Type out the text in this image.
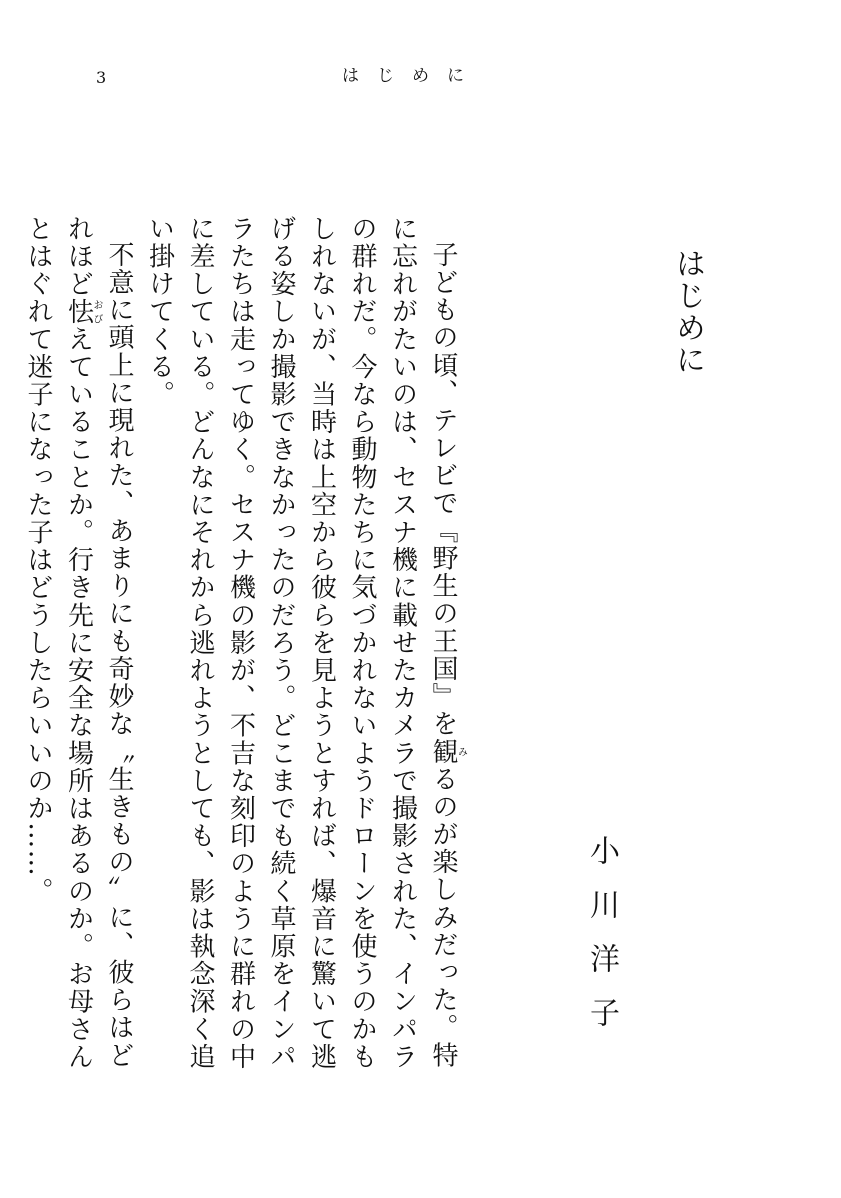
3	はじめに
はじめに
小川洋子

子どもの頃、テレビで『野生の王国』を観みるのが楽しみだった。特に忘れがたいのは、セスナ機に載せたカメラで撮影された、インパラの群れだ。今なら動物たちに気づかれないようドローンを使うのかもしれないが、当時は上空から彼らを見ようとすれば、爆音に驚いて逃げる姿しか撮影できなかったのだろう。どこまでも続く草原をインパラたちは走ってゆく。セスナ機の影が、不吉な刻印のように群れの中に差している。どんなにそれから逃れようとしても、影は執念深く追い掛けてくる。

不意に頭上に現れた、あまりにも奇妙な〝生きもの〟に、彼らはどれほど怯おびえていることか。行き先に安全な場所はあるのか。お母さんとはぐれて迷子になった子はどうしたらいいのか……。
